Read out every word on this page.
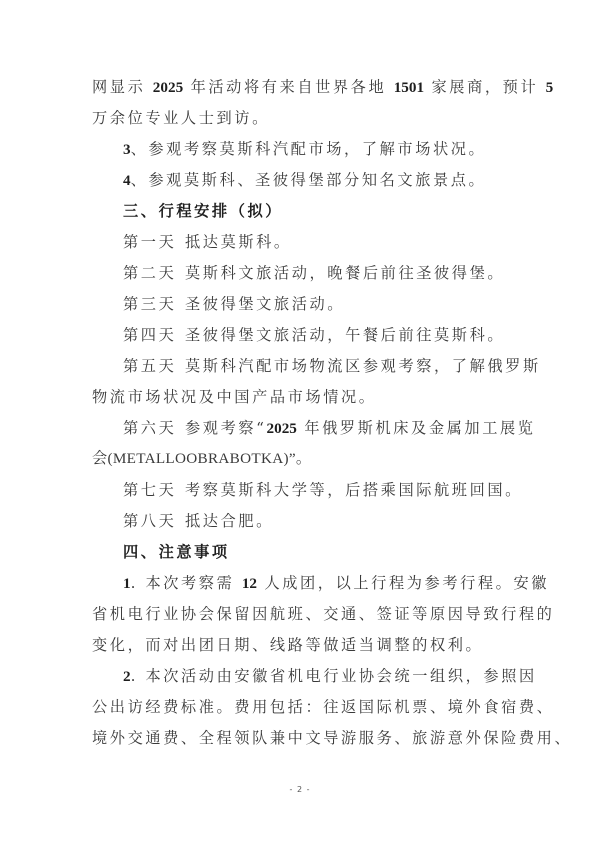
网显示 2025 年活动将有来自世界各地 1501 家展商，预计 5
万余位专业人士到访。
3、参观考察莫斯科汽配市场，了解市场状况。
4、参观莫斯科、圣彼得堡部分知名文旅景点。
三、行程安排（拟）
第一天 抵达莫斯科。
第二天 莫斯科文旅活动，晚餐后前往圣彼得堡。
第三天 圣彼得堡文旅活动。
第四天 圣彼得堡文旅活动，午餐后前往莫斯科。
第五天 莫斯科汽配市场物流区参观考察，了解俄罗斯
物流市场状况及中国产品市场情况。
第六天 参观考察“2025 年俄罗斯机床及金属加工展览
会(METALLOOBRABOTKA)”。
第七天 考察莫斯科大学等，后搭乘国际航班回国。
第八天 抵达合肥。
四、注意事项
1. 本次考察需 12 人成团，以上行程为参考行程。安徽
省机电行业协会保留因航班、交通、签证等原因导致行程的
变化，而对出团日期、线路等做适当调整的权利。
2. 本次活动由安徽省机电行业协会统一组织，参照因
公出访经费标准。费用包括：往返国际机票、境外食宿费、
境外交通费、全程领队兼中文导游服务、旅游意外保险费用、
- 2 -
